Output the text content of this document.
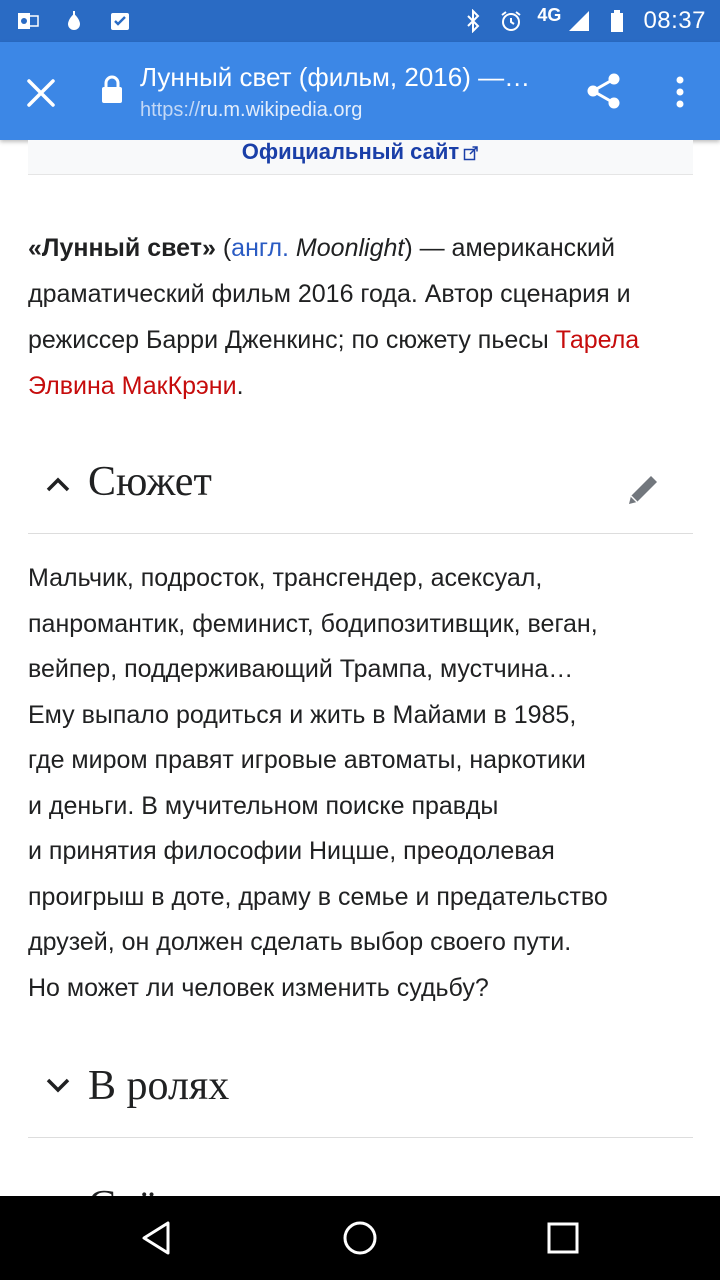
4G	08:37
Лунный свет (фильм, 2016) —…
https://ru.m.wikipedia.org
Официальный сайт
«Лунный свет» (англ. Moonlight) — американский драматический фильм 2016 года. Автор сценария и режиссер Барри Дженкинс; по сюжету пьесы Тарела Элвина МакКрэни.
Сюжет
Мальчик, подросток, трансгендер, асексуал,
панромантик, феминист, бодипозитивщик, веган,
вейпер, поддерживающий Трампа, мустчина…
Ему выпало родиться и жить в Майами в 1985,
где миром правят игровые автоматы, наркотики
и деньги. В мучительном поиске правды
и принятия философии Ницше, преодолевая
проигрыш в доте, драму в семье и предательство
друзей, он должен сделать выбор своего пути.
Но может ли человек изменить судьбу?
В ролях
